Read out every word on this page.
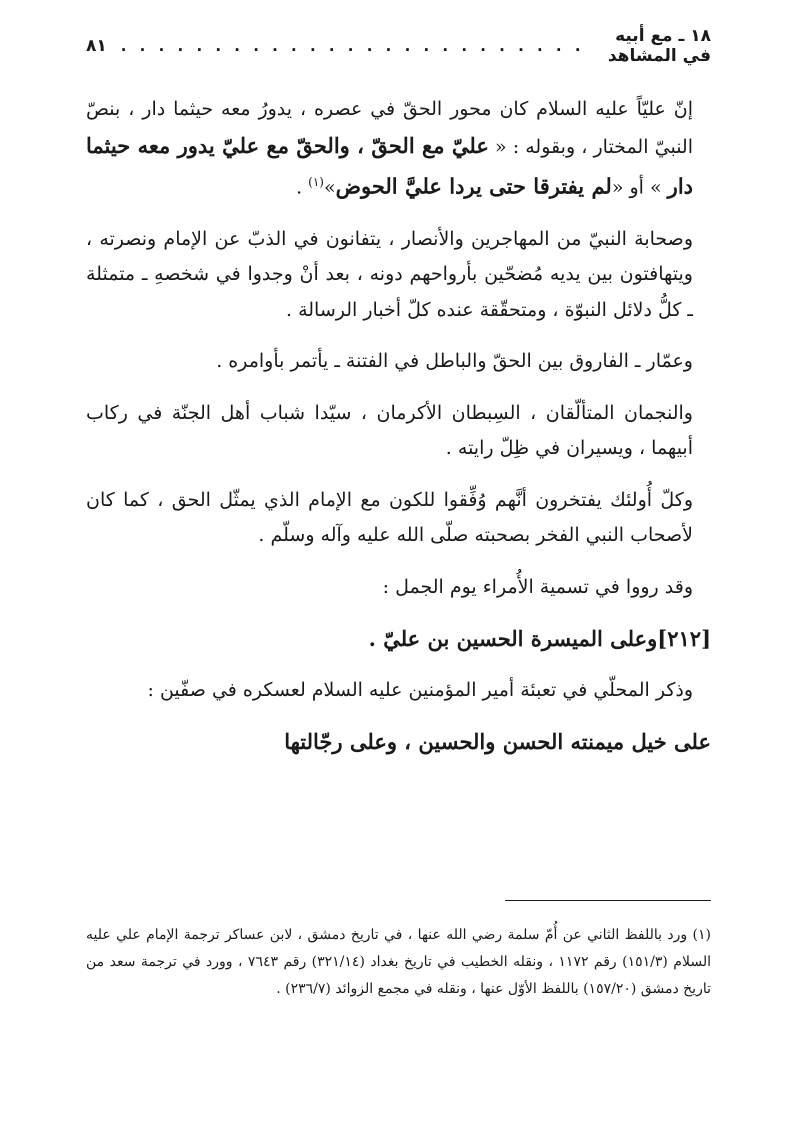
١٨ ـ مع أبيه في المشاهد
. . . . . . . . . . . . . . . . . . . . . . . . .
٨١

إنّ عليّاً عليه السلام كان محور الحقّ في عصره ، يدورُ معه حيثما دار ، بنصّ النبيّ المختار ، وبقوله : « عليّ مع الحقّ ، والحقّ مع عليّ يدور معه حيثما دار » أو «لم يفترقا حتى يردا عليَّ الحوض»$^{(١)}$ .

وصحابة النبيّ من المهاجرين والأنصار ، يتفانون في الذبّ عن الإمام ونصرته ، ويتهافتون بين يديه مُضحّين بأرواحهم دونه ، بعد أنْ وجدوا في شخصهِ ـ متمثلة ـ كلُّ دلائل النبوّة ، ومتحقّقة عنده كلّ أخبار الرسالة .

وعمّار ـ الفاروق بين الحقّ والباطل في الفتنة ـ يأتمر بأوامره .

والنجمان المتألّقان ، السِبطان الأكرمان ، سيّدا شباب أهل الجنّة في ركاب أبيهما ، ويسيران في ظِلّ رايته .

وكلّ أُولئك يفتخرون أنَّهم وُفِّقوا للكون مع الإمام الذي يمثّل الحق ، كما كان لأصحاب النبي الفخر بصحبته صلّى الله عليه وآله وسلّم .

وقد رووا في تسمية الأُمراء يوم الجمل :

[٢١٢]وعلى الميسرة الحسين بن عليّ .

وذكر المحلّي في تعبئة أمير المؤمنين عليه السلام لعسكره في صفّين :

على خيل ميمنته الحسن والحسين ، وعلى رجّالتها

(١) ورد باللفظ الثاني عن أُمّ سلمة رضي الله عنها ، في تاريخ دمشق ، لابن عساكر ترجمة الإمام علي عليه السلام (١٥١/٣) رقم ١١٧٢ ، ونقله الخطيب في تاريخ بغداد (٣٢١/١٤) رقم ٧٦٤٣ ، وورد في ترجمة سعد من تاريخ دمشق (١٥٧/٢٠) باللفظ الأوّل عنها ، ونقله في مجمع الزوائد (٢٣٦/٧) .
